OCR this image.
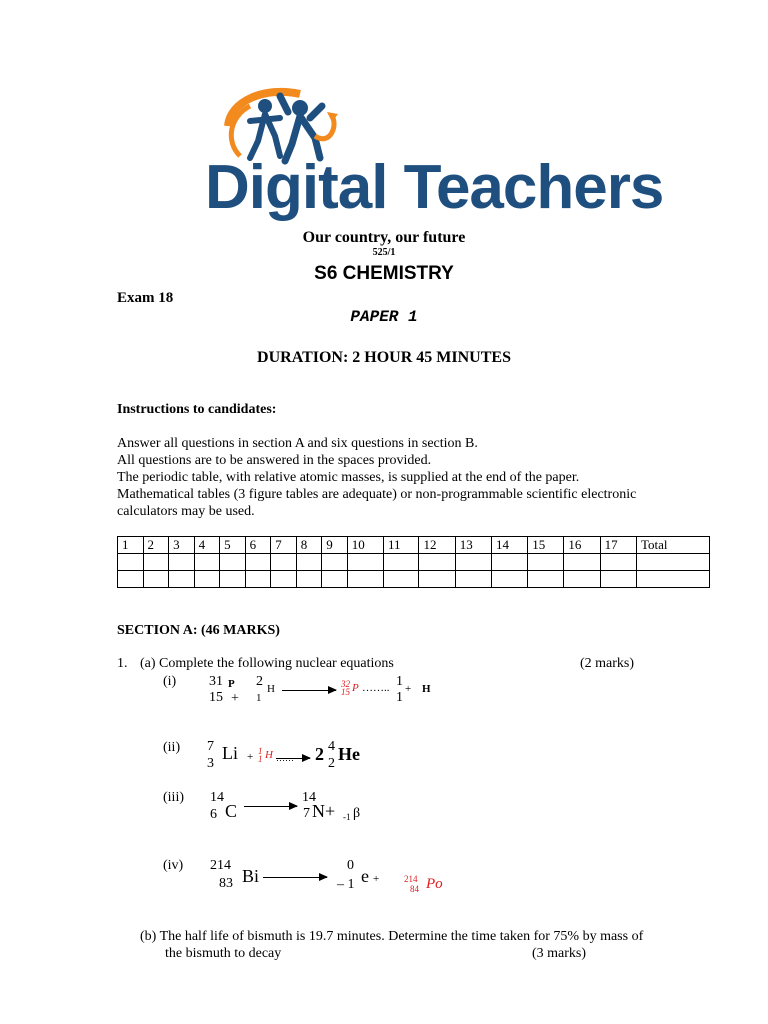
Digital Teachers
Our country, our future
525/1
S6 CHEMISTRY
Exam 18
PAPER 1
DURATION: 2 HOUR 45 MINUTES
Instructions to candidates:
Answer all questions in section A and six questions in section B.
All questions are to be answered in the spaces provided.
The periodic table, with relative atomic masses, is supplied at the end of the paper.
Mathematical tables (3 figure tables are adequate) or non-programmable scientific electronic
calculators may be used.
1	2	3	4	5	6	7	8	9	10	11	12	13	14	15	16	17	Total

SECTION A: (46 MARKS)
1. (a) Complete the following nuclear equations	(2 marks)
(i) 31 P
15 +
2 H
1
32
15 P …….. 1
1
+ H
(ii) 7
3
Li + 1
1 H …… → 2 4
2 He
(iii) 14
6 C →
14
7 N+ -1 β
(iv) 214
83 Bi →
0
– 1 e +	214
84 Po
(b) The half life of bismuth is 19.7 minutes. Determine the time taken for 75% by mass of
the bismuth to decay	(3 marks)
